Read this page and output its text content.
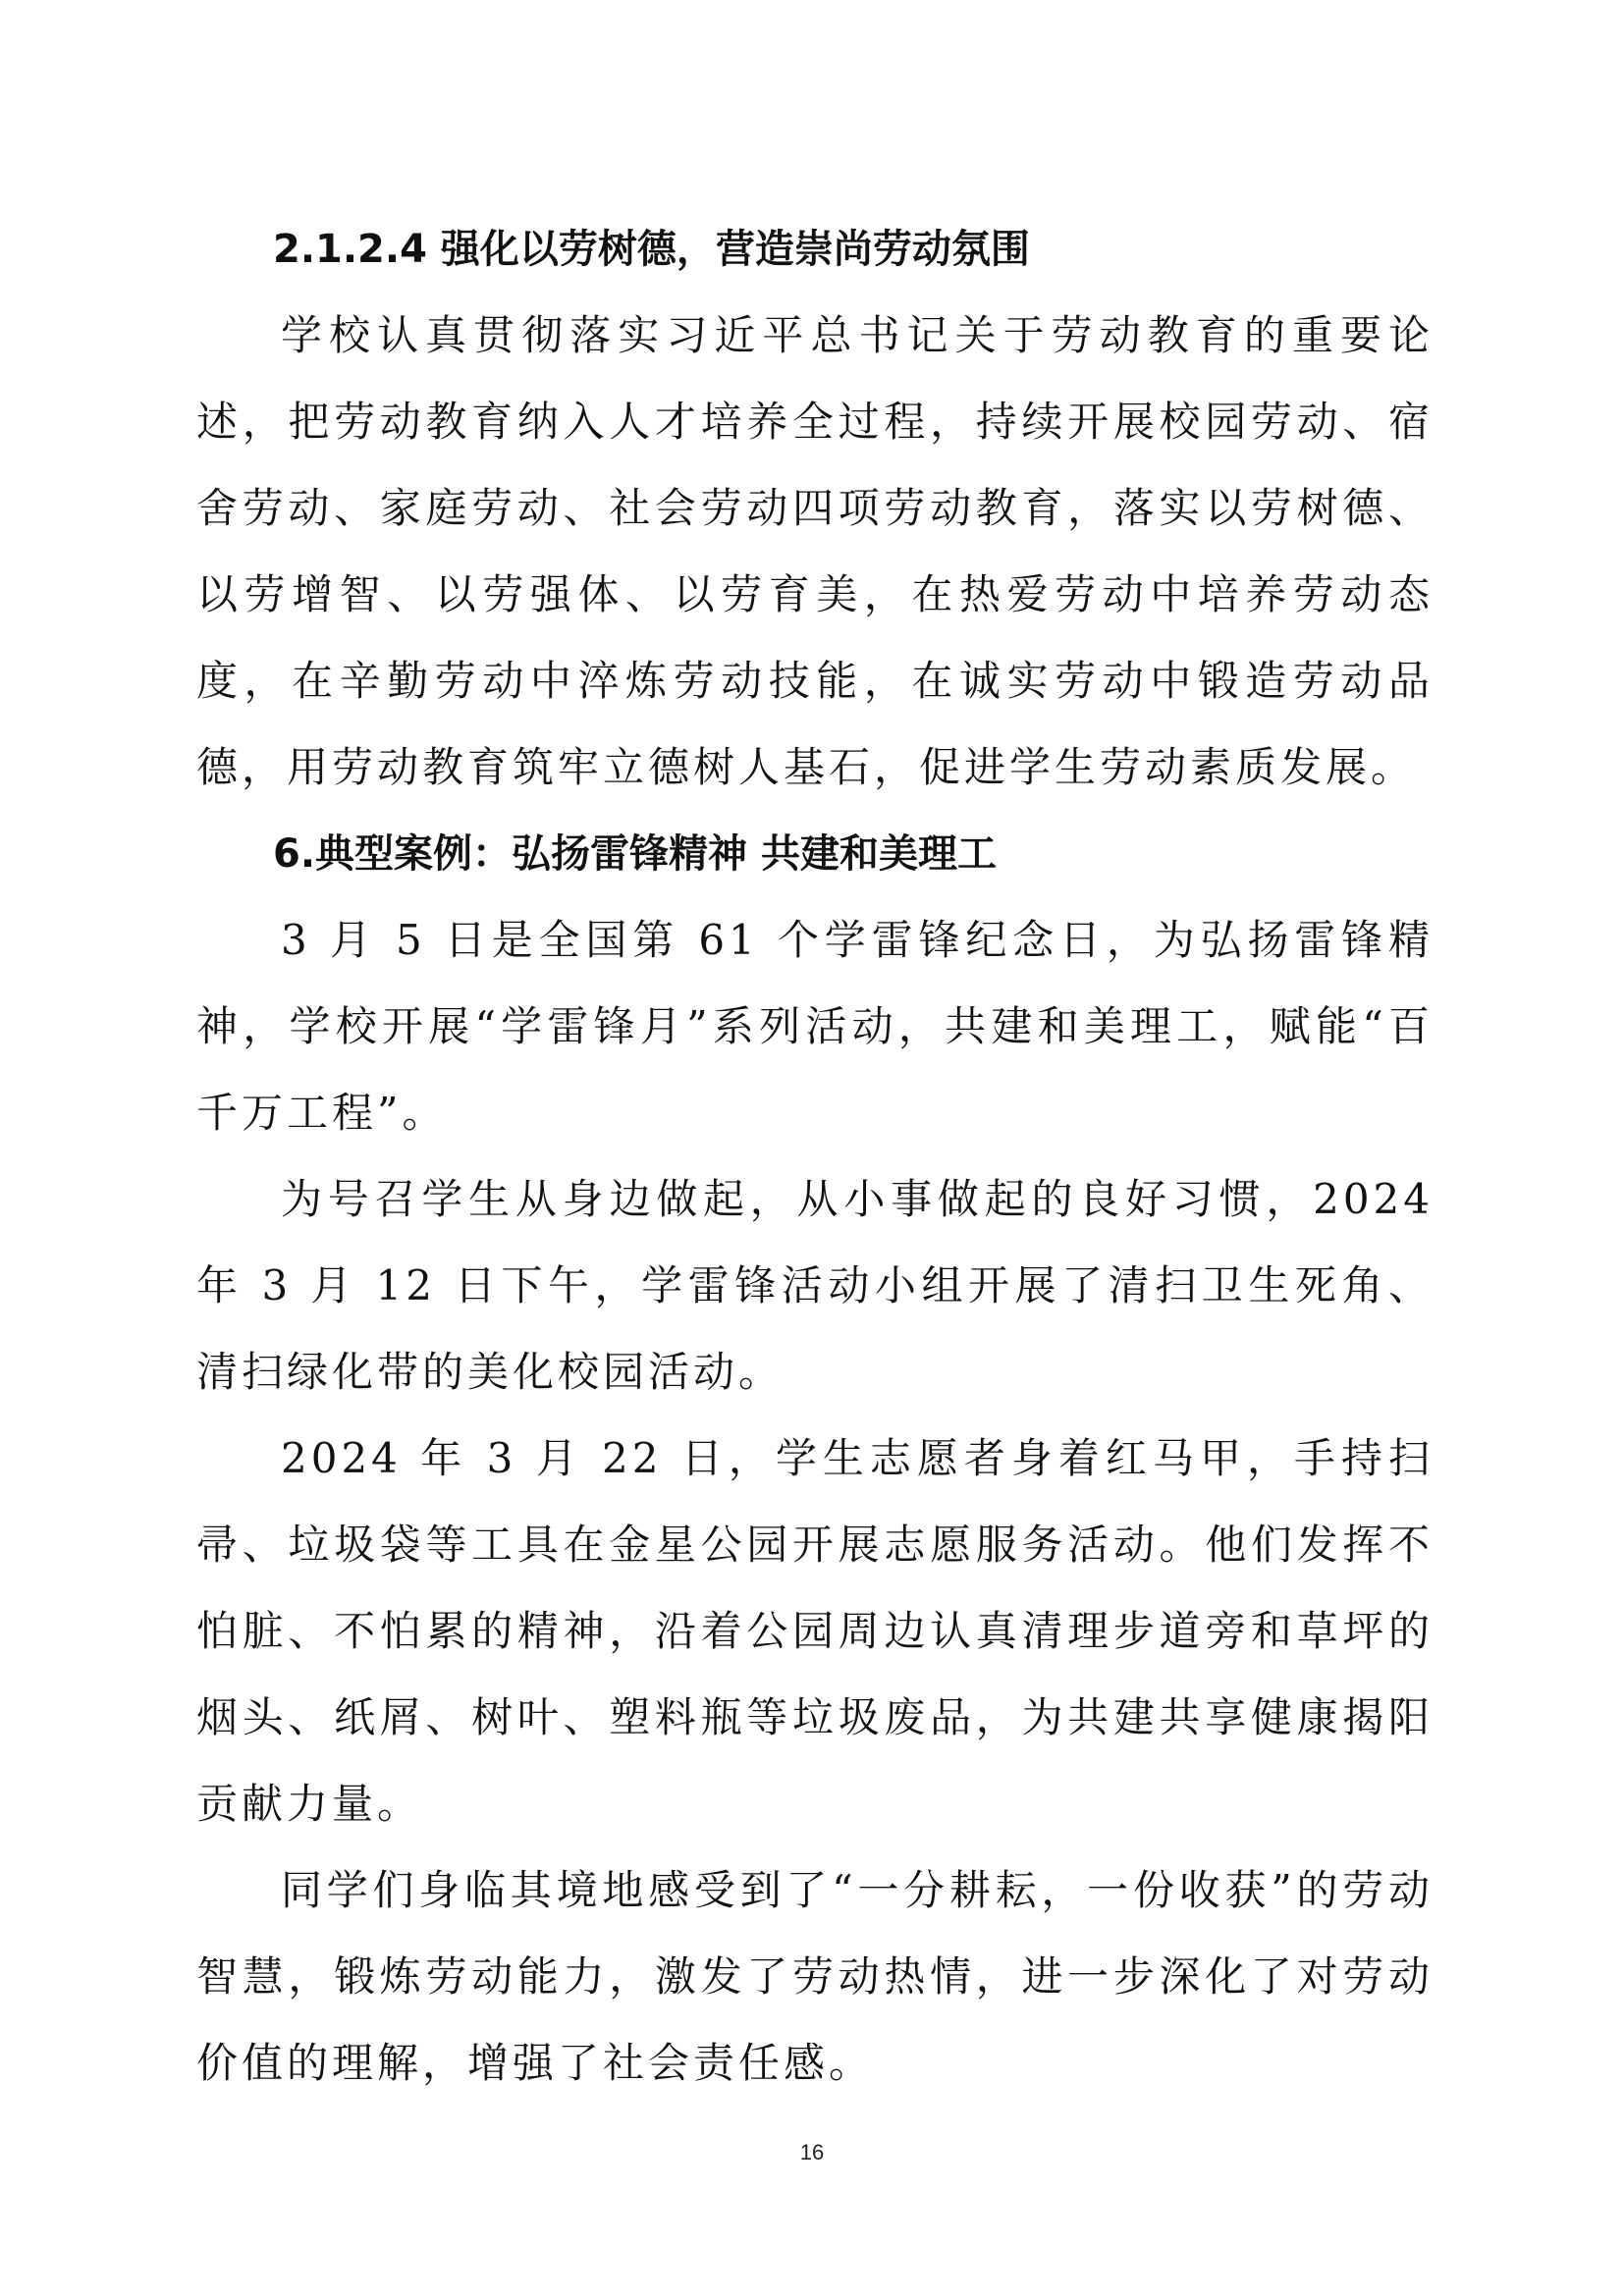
2.1.2.4 强化以劳树德，营造崇尚劳动氛围

学校认真贯彻落实习近平总书记关于劳动教育的重要论述，把劳动教育纳入人才培养全过程，持续开展校园劳动、宿舍劳动、家庭劳动、社会劳动四项劳动教育，落实以劳树德、以劳增智、以劳强体、以劳育美，在热爱劳动中培养劳动态度，在辛勤劳动中淬炼劳动技能，在诚实劳动中锻造劳动品德，用劳动教育筑牢立德树人基石，促进学生劳动素质发展。

6.典型案例：弘扬雷锋精神 共建和美理工

3 月 5 日是全国第 61 个学雷锋纪念日，为弘扬雷锋精神，学校开展“学雷锋月”系列活动，共建和美理工，赋能“百千万工程”。

为号召学生从身边做起，从小事做起的良好习惯，2024 年 3 月 12 日下午，学雷锋活动小组开展了清扫卫生死角、清扫绿化带的美化校园活动。

2024 年 3 月 22 日，学生志愿者身着红马甲，手持扫帚、垃圾袋等工具在金星公园开展志愿服务活动。他们发挥不怕脏、不怕累的精神，沿着公园周边认真清理步道旁和草坪的烟头、纸屑、树叶、塑料瓶等垃圾废品，为共建共享健康揭阳贡献力量。

同学们身临其境地感受到了“一分耕耘，一份收获”的劳动智慧，锻炼劳动能力，激发了劳动热情，进一步深化了对劳动价值的理解，增强了社会责任感。

16
